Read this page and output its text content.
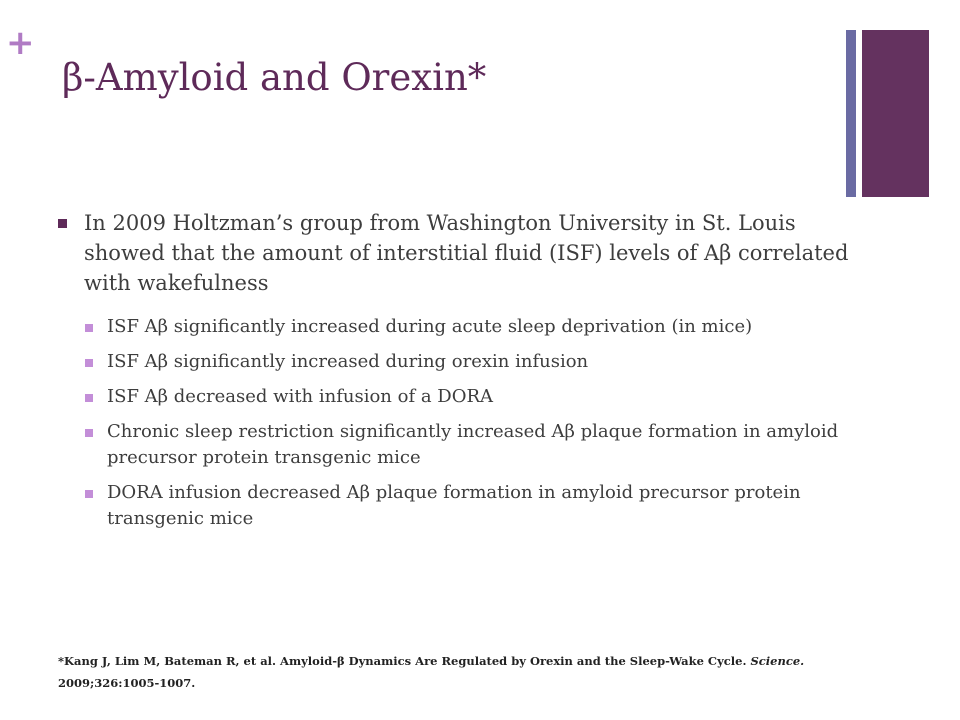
+
β-Amyloid and Orexin*
In 2009 Holtzman’s group from Washington University in St. Louis showed that the amount of interstitial fluid (ISF) levels of Aβ correlated with wakefulness
ISF Aβ significantly increased during acute sleep deprivation (in mice)
ISF Aβ significantly increased during orexin infusion
ISF Aβ decreased with infusion of a DORA
Chronic sleep restriction significantly increased Aβ plaque formation in amyloid precursor protein transgenic mice
DORA infusion decreased Aβ plaque formation in amyloid precursor protein transgenic mice
*Kang J, Lim M, Bateman R, et al. Amyloid-β Dynamics Are Regulated by Orexin and the Sleep-Wake Cycle. Science.
2009;326:1005-1007.
